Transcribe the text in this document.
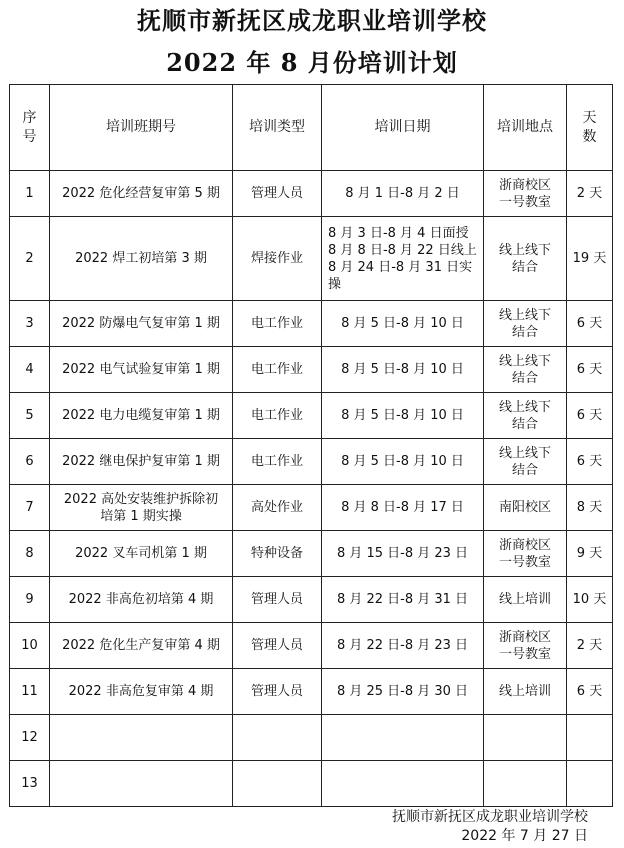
抚顺市新抚区成龙职业培训学校
2022 年 8 月份培训计划
序号	培训班期号	培训类型	培训日期	培训地点	天数
1	2022 危化经营复审第 5 期	管理人员	8 月 1 日-8 月 2 日	浙商校区一号教室	2 天
2	2022 焊工初培第 3 期	焊接作业	8 月 3 日-8 月 4 日面授
8 月 8 日-8 月 22 日线上
8 月 24 日-8 月 31 日实操	线上线下结合	19 天
3	2022 防爆电气复审第 1 期	电工作业	8 月 5 日-8 月 10 日	线上线下结合	6 天
4	2022 电气试验复审第 1 期	电工作业	8 月 5 日-8 月 10 日	线上线下结合	6 天
5	2022 电力电缆复审第 1 期	电工作业	8 月 5 日-8 月 10 日	线上线下结合	6 天
6	2022 继电保护复审第 1 期	电工作业	8 月 5 日-8 月 10 日	线上线下结合	6 天
7	2022 高处安装维护拆除初培第 1 期实操	高处作业	8 月 8 日-8 月 17 日	南阳校区	8 天
8	2022 叉车司机第 1 期	特种设备	8 月 15 日-8 月 23 日	浙商校区一号教室	9 天
9	2022 非高危初培第 4 期	管理人员	8 月 22 日-8 月 31 日	线上培训	10 天
10	2022 危化生产复审第 4 期	管理人员	8 月 22 日-8 月 23 日	浙商校区一号教室	2 天
11	2022 非高危复审第 4 期	管理人员	8 月 25 日-8 月 30 日	线上培训	6 天
12					
13					
抚顺市新抚区成龙职业培训学校
2022 年 7 月 27 日
